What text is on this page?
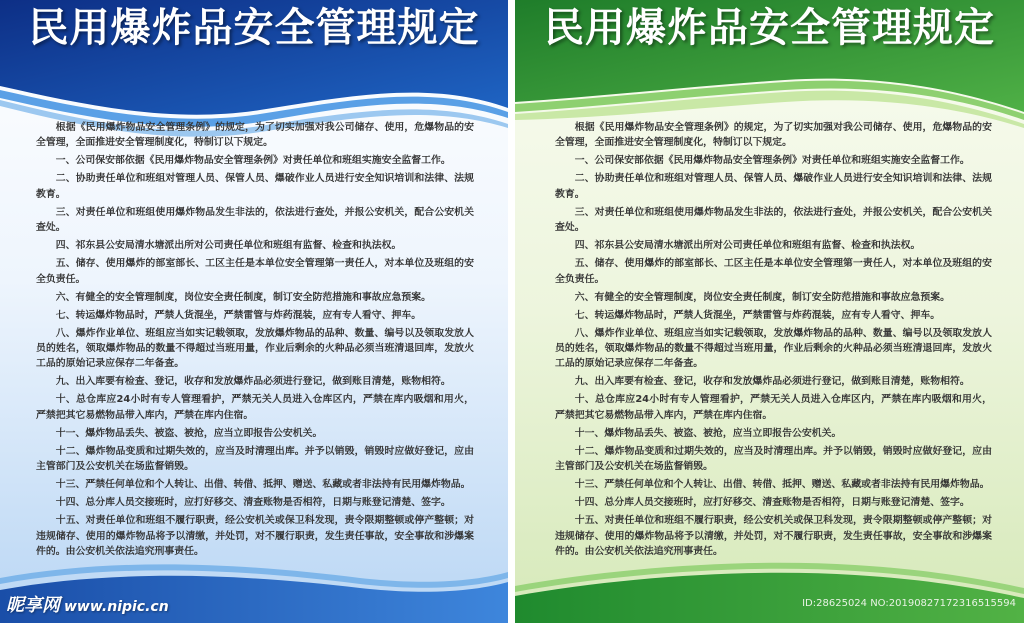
民用爆炸品安全管理规定

根据《民用爆炸物品安全管理条例》的规定，为了切实加强对我公司储存、使用，危爆物品的安全管理，全面推进安全管理制度化，特制订以下规定。

一、公司保安部依据《民用爆炸物品安全管理条例》对责任单位和班组实施安全监督工作。

二、协助责任单位和班组对管理人员、保管人员、爆破作业人员进行安全知识培训和法律、法规教育。

三、对责任单位和班组使用爆炸物品发生非法的，依法进行查处，并报公安机关，配合公安机关查处。

四、祁东县公安局清水塘派出所对公司责任单位和班组有监督、检查和执法权。

五、储存、使用爆炸的部室部长、工区主任是本单位安全管理第一责任人，对本单位及班组的安全负责任。

六、有健全的安全管理制度，岗位安全责任制度，制订安全防范措施和事故应急预案。

七、转运爆炸物品时，严禁人货混坐，严禁雷管与炸药混装，应有专人看守、押车。

八、爆炸作业单位、班组应当如实记载领取，发放爆炸物品的品种、数量、编号以及领取发放人员的姓名，领取爆炸物品的数量不得超过当班用量，作业后剩余的火种品必须当班清退回库，发放火工品的原始记录应保存二年备查。

九、出入库要有检查、登记，收存和发放爆炸品必须进行登记，做到账目清楚，账物相符。

十、总仓库应24小时有专人管理看护，严禁无关人员进入仓库区内，严禁在库内吸烟和用火，严禁把其它易燃物品带入库内，严禁在库内住宿。

十一、爆炸物品丢失、被盗、被抢，应当立即报告公安机关。

十二、爆炸物品变质和过期失效的，应当及时清理出库。并予以销毁，销毁时应做好登记，应由主管部门及公安机关在场监督销毁。

十三、严禁任何单位和个人转让、出借、转借、抵押、赠送、私藏或者非法持有民用爆炸物品。

十四、总分库人员交接班时，应打好移交、清查账物是否相符，日期与账登记清楚、签字。

十五、对责任单位和班组不履行职责，经公安机关或保卫科发现，责令限期整顿或停产整顿；对违规储存、使用的爆炸物品将予以清缴，并处罚，对不履行职责，发生责任事故，安全事故和涉爆案件的。由公安机关依法追究刑事责任。

昵享网 www.nipic.cn
民用爆炸品安全管理规定

根据《民用爆炸物品安全管理条例》的规定，为了切实加强对我公司储存、使用，危爆物品的安全管理，全面推进安全管理制度化，特制订以下规定。

一、公司保安部依据《民用爆炸物品安全管理条例》对责任单位和班组实施安全监督工作。

二、协助责任单位和班组对管理人员、保管人员、爆破作业人员进行安全知识培训和法律、法规教育。

三、对责任单位和班组使用爆炸物品发生非法的，依法进行查处，并报公安机关，配合公安机关查处。

四、祁东县公安局清水塘派出所对公司责任单位和班组有监督、检查和执法权。

五、储存、使用爆炸的部室部长、工区主任是本单位安全管理第一责任人，对本单位及班组的安全负责任。

六、有健全的安全管理制度，岗位安全责任制度，制订安全防范措施和事故应急预案。

七、转运爆炸物品时，严禁人货混坐，严禁雷管与炸药混装，应有专人看守、押车。

八、爆炸作业单位、班组应当如实记载领取，发放爆炸物品的品种、数量、编号以及领取发放人员的姓名，领取爆炸物品的数量不得超过当班用量，作业后剩余的火种品必须当班清退回库，发放火工品的原始记录应保存二年备查。

九、出入库要有检查、登记，收存和发放爆炸品必须进行登记，做到账目清楚，账物相符。

十、总仓库应24小时有专人管理看护，严禁无关人员进入仓库区内，严禁在库内吸烟和用火，严禁把其它易燃物品带入库内，严禁在库内住宿。

十一、爆炸物品丢失、被盗、被抢，应当立即报告公安机关。

十二、爆炸物品变质和过期失效的，应当及时清理出库。并予以销毁，销毁时应做好登记，应由主管部门及公安机关在场监督销毁。

十三、严禁任何单位和个人转让、出借、转借、抵押、赠送、私藏或者非法持有民用爆炸物品。

十四、总分库人员交接班时，应打好移交、清查账物是否相符，日期与账登记清楚、签字。

十五、对责任单位和班组不履行职责，经公安机关或保卫科发现，责令限期整顿或停产整顿；对违规储存、使用的爆炸物品将予以清缴，并处罚，对不履行职责，发生责任事故，安全事故和涉爆案件的。由公安机关依法追究刑事责任。

ID:28625024 NO:20190827172316515594
